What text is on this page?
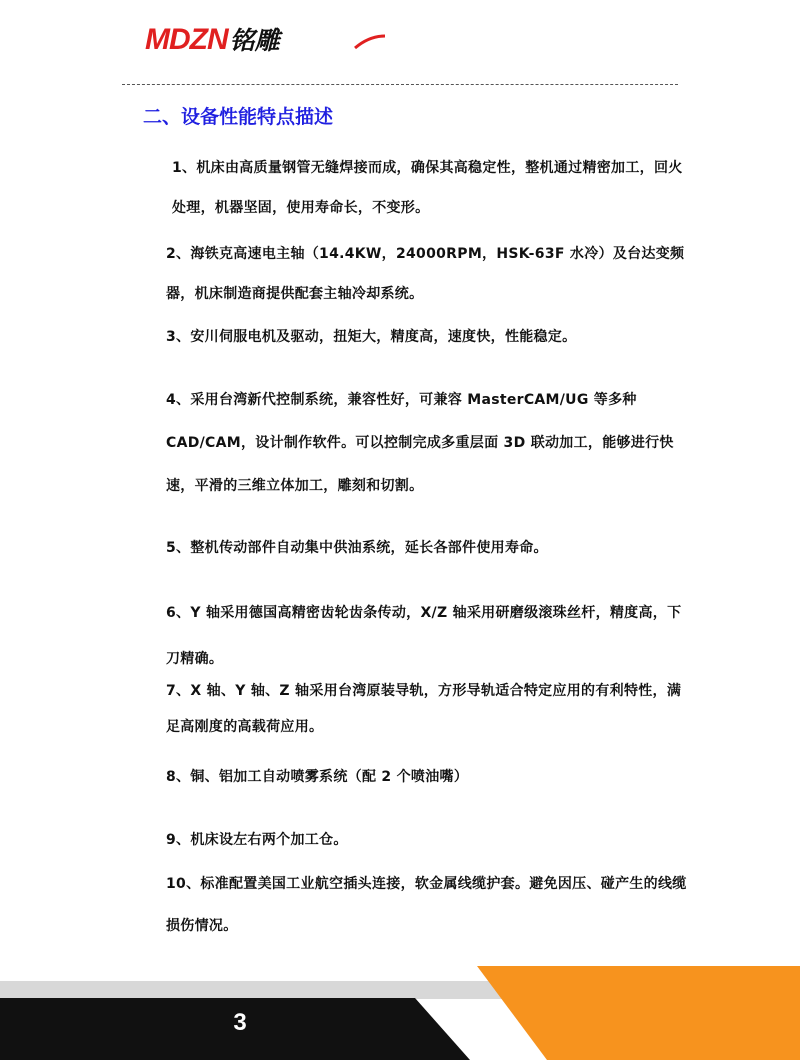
MDZN 铭雕
二、设备性能特点描述

1、机床由高质量钢管无缝焊接而成，确保其高稳定性，整机通过精密加工，回火处理，机器坚固，使用寿命长，不变形。

2、海铁克高速电主轴（14.4KW，24000RPM，HSK-63F 水冷）及台达变频器，机床制造商提供配套主轴冷却系统。

3、安川伺服电机及驱动，扭矩大，精度高，速度快，性能稳定。

4、采用台湾新代控制系统，兼容性好，可兼容 MasterCAM/UG 等多种CAD/CAM，设计制作软件。可以控制完成多重层面 3D 联动加工，能够进行快速，平滑的三维立体加工，雕刻和切割。

5、整机传动部件自动集中供油系统，延长各部件使用寿命。

6、Y 轴采用德国高精密齿轮齿条传动，X/Z 轴采用研磨级滚珠丝杆，精度高，下刀精确。

7、X 轴、Y 轴、Z 轴采用台湾原装导轨，方形导轨适合特定应用的有利特性，满足高刚度的高载荷应用。

8、铜、铝加工自动喷雾系统（配 2 个喷油嘴）

9、机床设左右两个加工仓。

10、标准配置美国工业航空插头连接，软金属线缆护套。避免因压、碰产生的线缆损伤情况。

3
